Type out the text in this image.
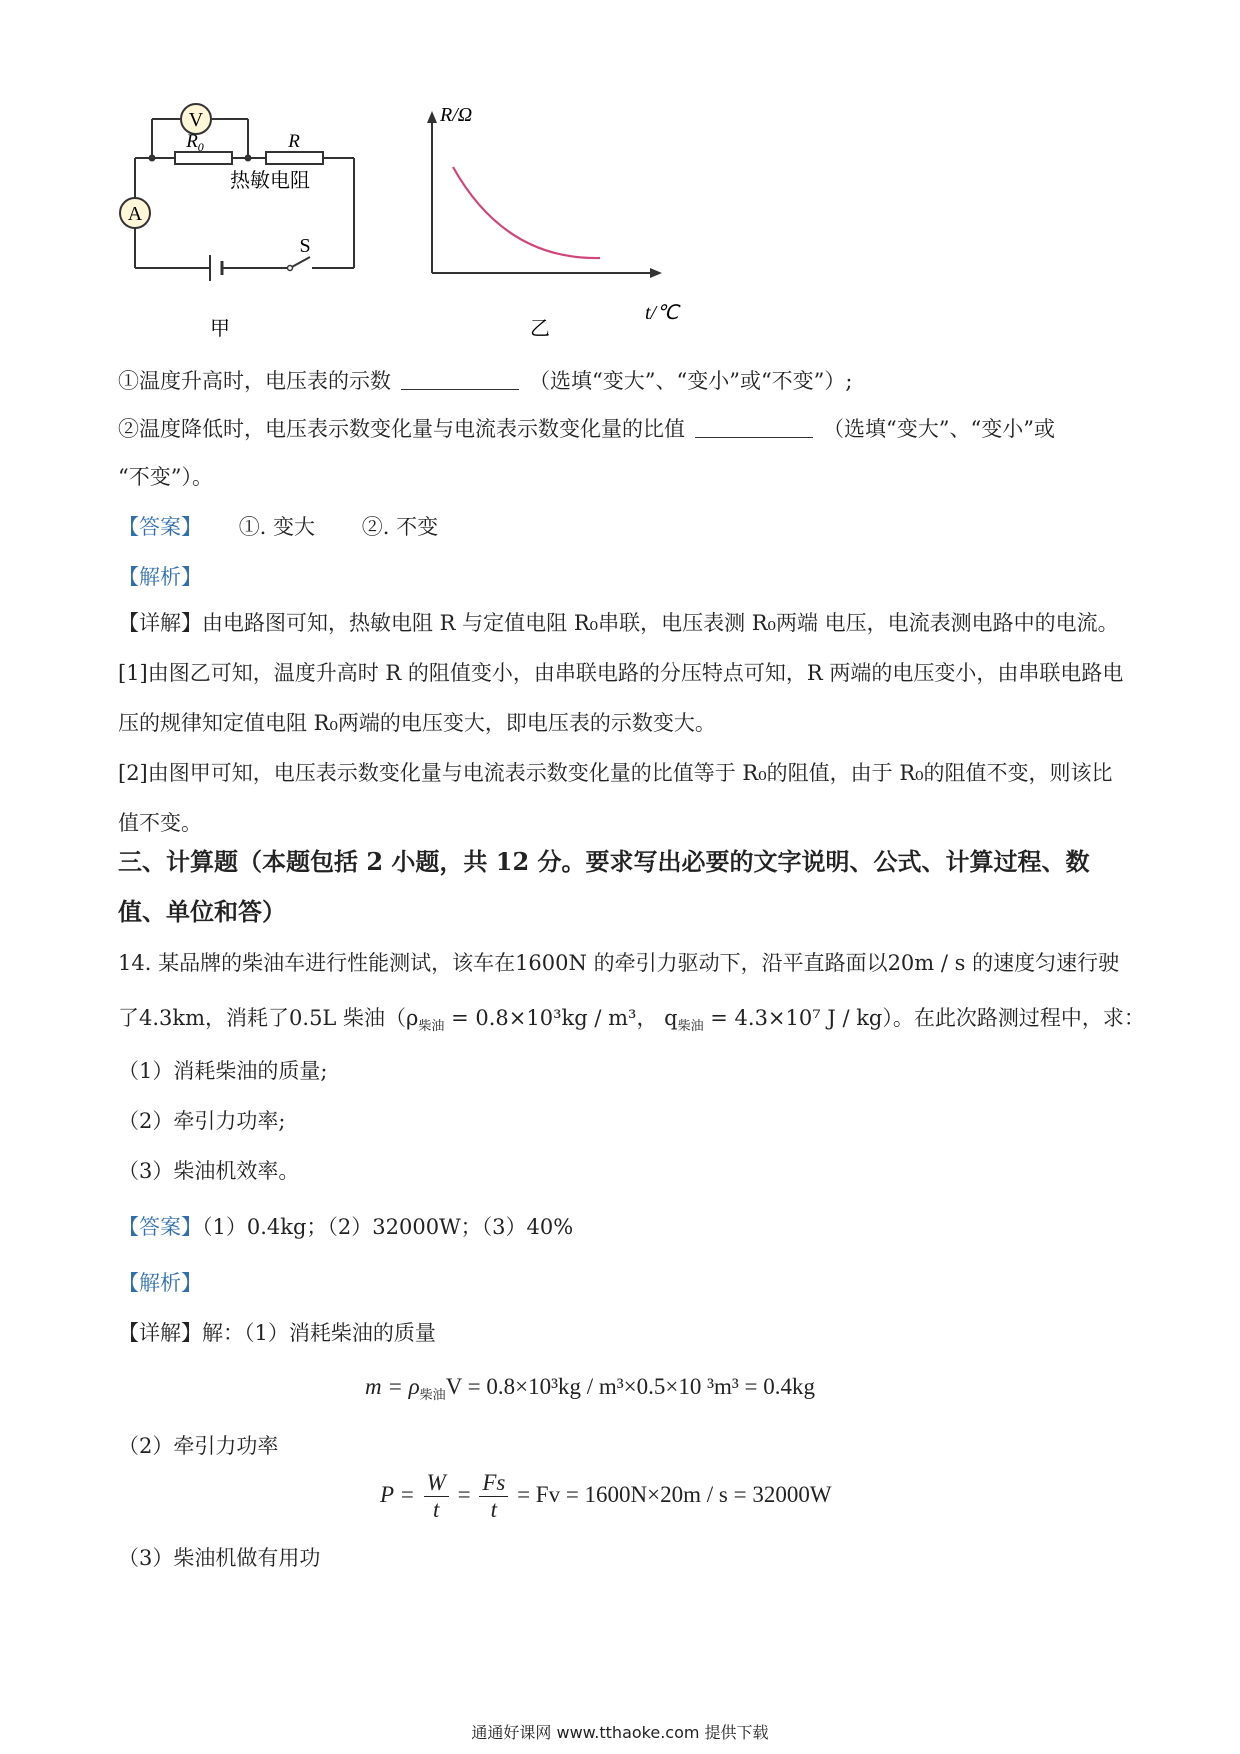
V
A
$R_0$	R
热敏电阻
S
甲
R/Ω
t/℃
乙
①温度升高时，电压表的示数	（选填“变大”、“变小”或“不变”）;
②温度降低时，电压表示数变化量与电流表示数变化量的比值	（选填“变大”、“变小”或
“不变”）。
【答案】 ①. 变大 ②. 不变
【解析】
【详解】由电路图可知，热敏电阻 R 与定值电阻 R₀串联，电压表测 R₀两端 电压，电流表测电路中的电流。
[1]由图乙可知，温度升高时 R 的阻值变小，由串联电路的分压特点可知，R 两端的电压变小，由串联电路电
压的规律知定值电阻 R₀两端的电压变大，即电压表的示数变大。
[2]由图甲可知，电压表示数变化量与电流表示数变化量的比值等于 R₀的阻值，由于 R₀的阻值不变，则该比
值不变。
三、计算题（本题包括 2 小题，共 12 分。要求写出必要的文字说明、公式、计算过程、数
值、单位和答）
14. 某品牌的柴油车进行性能测试，该车在1600N 的牵引力驱动下，沿平直路面以20m / s 的速度匀速行驶
了4.3km，消耗了0.5L 柴油（$\rho_{柴油} = 0.8\times 10^3kg / m^3$， $q_{柴油} = 4.3\times 10^7$ J / kg）。在此次路测过程中，求：
（1）消耗柴油的质量;
（2）牵引力功率;
（3）柴油机效率。
【答案】（1）0.4kg；（2）32000W；（3）40%
【解析】
【详解】解：（1）消耗柴油的质量
$m = \rho_{柴油}V = 0.8\times 10^3kg / m^3\times 0.5\times 10$ ³m³ = 0.4kg
（2）牵引力功率
$P = \frac{W}{t} = \frac{Fs}{t} = Fv = 1600N\times 20m / s = 32000W$
（3）柴油机做有用功
通通好课网 www.tthaoke.com 提供下载
